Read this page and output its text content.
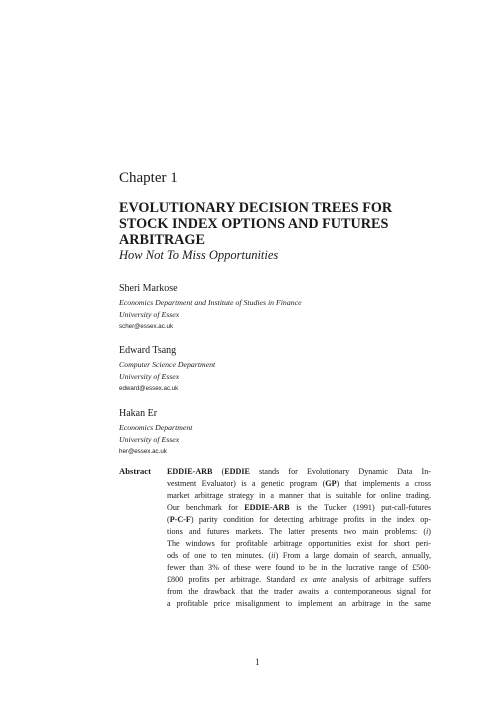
Chapter 1
EVOLUTIONARY DECISION TREES FOR
STOCK INDEX OPTIONS AND FUTURES
ARBITRAGE
How Not To Miss Opportunities
Sheri Markose
Economics Department and Institute of Studies in Finance
University of Essex
scher@essex.ac.uk
Edward Tsang
Computer Science Department
University of Essex
edward@essex.ac.uk
Hakan Er
Economics Department
University of Essex
her@essex.ac.uk
Abstract EDDIE-ARB (EDDIE stands for Evolutionary Dynamic Data In-
vestment Evaluator) is a genetic program (GP) that implements a cross
market arbitrage strategy in a manner that is suitable for online trading.
Our benchmark for EDDIE-ARB is the Tucker (1991) put-call-futures
(P-C-F) parity condition for detecting arbitrage profits in the index op-
tions and futures markets. The latter presents two main problems: (i)
The windows for profitable arbitrage opportunities exist for short peri-
ods of one to ten minutes. (ii) From a large domain of search, annually,
fewer than 3% of these were found to be in the lucrative range of £500-
£800 profits per arbitrage. Standard ex ante analysis of arbitrage suffers
from the drawback that the trader awaits a contemporaneous signal for
a profitable price misalignment to implement an arbitrage in the same
1
